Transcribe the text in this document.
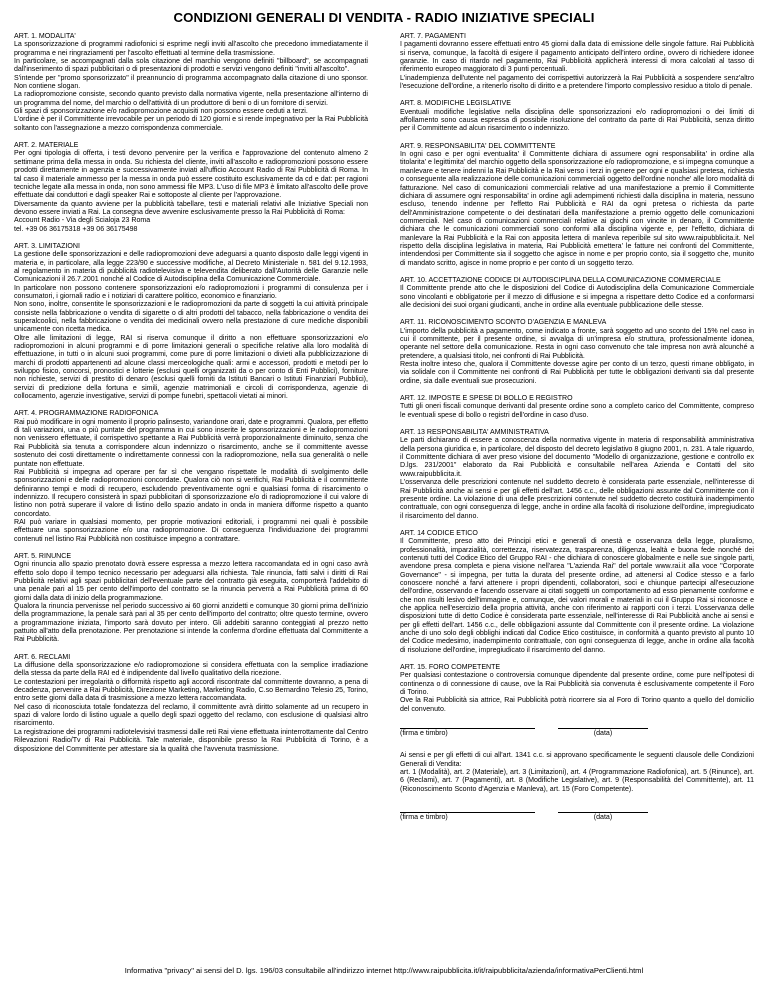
CONDIZIONI GENERALI DI VENDITA - RADIO INIZIATIVE SPECIALI

ART. 1. MODALITA'

La sponsorizzazione di programmi radiofonici si esprime negli inviti all'ascolto che precedono immediatamente il programma e nei ringraziamenti per l'ascolto effettuati al termine della trasmissione.
In particolare, se accompagnati dalla sola citazione del marchio vengono definiti "billboard", se accompagnati dall'inserimento di spazi pubblicitari o di presentazioni di prodotti e servizi vengono definiti "inviti all'ascolto".
S'intende per "promo sponsorizzato" il preannuncio di programma accompagnato dalla citazione di uno sponsor. Non contiene slogan.
La radiopromozione consiste, secondo quanto previsto dalla normativa vigente, nella presentazione all'interno di un programma del nome, del marchio o dell'attività di un produttore di beni o di un fornitore di servizi.
Gli spazi di sponsorizzazione e/o radiopromozione acquisiti non possono essere ceduti a terzi.
L'ordine è per il Committente irrevocabile per un periodo di 120 giorni e si rende impegnativo per la Rai Pubblicità soltanto con l'assegnazione a mezzo corrispondenza commerciale.

ART. 2. MATERIALE

Per ogni tipologia di offerta, i testi devono pervenire per la verifica e l'approvazione del contenuto almeno 2 settimane prima della messa in onda. Su richiesta del cliente, inviti all'ascolto e radiopromozioni possono essere prodotti direttamente in agenzia e successivamente inviati all'ufficio Account Radio di Rai Pubblicità di Roma. In tal caso il materiale ammesso per la messa in onda può essere costituito esclusivamente da cd e dat: per ragioni tecniche legate alla messa in onda, non sono ammessi file MP3. L'uso di file MP3 è limitato all'ascolto delle prove effettuate dai conduttori e dagli speaker Rai e sottoposte al cliente per l'approvazione.
Diversamente da quanto avviene per la pubblicità tabellare, testi e materiali relativi alle Iniziative Speciali non devono essere inviati a Rai. La consegna deve avvenire esclusivamente presso la Rai Pubblicità di Roma:
Account Radio - Via degli Scialoja 23 Roma
tel. +39 06 36175318 +39 06 36175498

ART. 3. LIMITAZIONI

La gestione delle sponsorizzazioni e delle radiopromozioni deve adeguarsi a quanto disposto dalle leggi vigenti in materia e, in particolare, alla legge 223/90 e successive modifiche, al Decreto Ministeriale n. 581 del 9.12.1993, al regolamento in materia di pubblicità radiotelevisiva e televendita deliberato dall'Autorità delle Garanzie nelle Comunicazioni il 26.7.2001 nonché al Codice di Autodisciplina della Comunicazione Commerciale.
In particolare non possono contenere sponsorizzazioni e/o radiopromozioni i programmi di consulenza per i consumatori, i giornali radio e i notiziari di carattere politico, economico e finanziario.
Non sono, inoltre, consentite le sponsorizzazioni e le radiopromozioni da parte di soggetti la cui attività principale consiste nella fabbricazione o vendita di sigarette o di altri prodotti del tabacco, nella fabbricazione o vendita dei superalcoolici, nella fabbricazione o vendita dei medicinali ovvero nella prestazione di cure mediche disponibili unicamente con ricetta medica.
Oltre alle limitazioni di legge, RAI si riserva comunque il diritto a non effettuare sponsorizzazioni e/o radiopromozioni in alcuni programmi e di porre limitazioni generali o specifiche relative alla loro modalità di effettuazione, in tutti o in alcuni suoi programmi, come pure di porre limitazioni o divieti alla pubblicizzazione di marchi di prodotti appartenenti ad alcune classi merceologiche quali: armi e accessori, prodotti e metodi per lo sviluppo fisico, concorsi, pronostici e lotterie (esclusi quelli organizzati da o per conto di Enti Pubblici), forniture non richieste, servizi di prestito di denaro (esclusi quelli forniti da Istituti Bancari o Istituti Finanziari Pubblici), servizi di predizione della fortuna e simili, agenzie matrimoniali e circoli di corrispondenza, agenzie di collocamento, agenzie investigative, servizi di pompe funebri, spettacoli vietati ai minori.

ART. 4. PROGRAMMAZIONE RADIOFONICA

Rai può modificare in ogni momento il proprio palinsesto, variandone orari, date e programmi. Qualora, per effetto di tali variazioni, una o più puntate del programma in cui sono inserite le sponsorizzazioni e le radiopromozioni non venissero effettuate, il corrispettivo spettante a Rai Pubblicità verrà proporzionalmente diminuito, senza che Rai Pubblicità sia tenuta a corrispondere alcun indennizzo o risarcimento, anche se il committente avesse sostenuto dei costi direttamente o indirettamente connessi con la radiopromozione, nella sua generalità o nelle puntate non effettuate.
Rai Pubblicità si impegna ad operare per far sì che vengano rispettate le modalità di svolgimento delle sponsorizzazioni e delle radiopromozioni concordate. Qualora ciò non si verifichi, Rai Pubblicità e il committente definiranno tempi e modi di recupero, escludendo preventivamente ogni e qualsiasi forma di risarcimento o indennizzo. Il recupero consisterà in spazi pubblicitari di sponsorizzazione e/o di radiopromozione il cui valore di listino non potrà superare il valore di listino dello spazio andato in onda in maniera difforme rispetto a quanto concordato.
RAI può variare in qualsiasi momento, per proprie motivazioni editoriali, i programmi nei quali è possibile effettuare una sponsorizzazione e/o una radiopromozione. Di conseguenza l'individuazione dei programmi contenuti nel listino Rai Pubblicità non costituisce impegno a contrattare.

ART. 5. RINUNCE

Ogni rinuncia allo spazio prenotato dovrà essere espressa a mezzo lettera raccomandata ed in ogni caso avrà effetto solo dopo il tempo tecnico necessario per adeguarsi alla richiesta. Tale rinuncia, fatti salvi i diritti di Rai Pubblicità relativi agli spazi pubblicitari dell'eventuale parte del contratto già eseguita, comporterà l'addebito di una penale pari al 15 per cento dell'importo del contratto se la rinuncia perverrà a Rai Pubblicità prima di 60 giorni dalla data di inizio della programmazione.
Qualora la rinuncia pervenisse nel periodo successivo ai 60 giorni anzidetti e comunque 30 giorni prima dell'inizio della programmazione, la penale sarà pari al 35 per cento dell'importo del contratto; oltre questo termine, ovvero a programmazione iniziata, l'importo sarà dovuto per intero. Gli addebiti saranno conteggiati al prezzo netto pattuito all'atto della prenotazione. Per prenotazione si intende la conferma d'ordine effettuata dal Committente a Rai Pubblicità.

ART. 6. RECLAMI

La diffusione della sponsorizzazione e/o radiopromozione si considera effettuata con la semplice irradiazione della stessa da parte della RAI ed è indipendente dal livello qualitativo della ricezione.
Le contestazioni per irregolarità o difformità rispetto agli accordi riscontrate dal committente dovranno, a pena di decadenza, pervenire a Rai Pubblicità, Direzione Marketing, Marketing Radio, C.so Bernardino Telesio 25, Torino, entro sette giorni dalla data di trasmissione a mezzo lettera raccomandata.
Nel caso di riconosciuta totale fondatezza del reclamo, il committente avrà diritto solamente ad un recupero in spazi di valore lordo di listino uguale a quello degli spazi oggetto del reclamo, con esclusione di qualsiasi altro risarcimento.
La registrazione dei programmi radiotelevisivi trasmessi dalle reti Rai viene effettuata ininterrottamente dal Centro Rilevazioni Radio/Tv di Rai Pubblicità. Tale materiale, disponibile presso la Rai Pubblicità di Torino, è a disposizione del Committente per attestare sia la qualità che l'avvenuta trasmissione.

ART. 7. PAGAMENTI

I pagamenti dovranno essere effettuati entro 45 giorni dalla data di emissione delle singole fatture. Rai Pubblicità si riserva, comunque, la facoltà di esigere il pagamento anticipato dell'intero ordine, ovvero di richiedere idonee garanzie. In caso di ritardo nel pagamento, Rai Pubblicità applicherà interessi di mora calcolati al tasso di riferimento europeo maggiorato di 3 punti percentuali.
L'inadempienza dell'utente nel pagamento dei corrispettivi autorizzerà la Rai Pubblicità a sospendere senz'altro l'esecuzione dell'ordine, a ritenerlo risolto di diritto e a pretendere l'importo complessivo residuo a titolo di penale.

ART. 8. MODIFICHE LEGISLATIVE

Eventuali modifiche legislative nella disciplina delle sponsorizzazioni e/o radiopromozioni o dei limiti di affollamento sono causa espressa di possibile risoluzione del contratto da parte di Rai Pubblicità, senza diritto per il Committente ad alcun risarcimento o indennizzo.

ART. 9. RESPONSABILITA' DEL COMMITTENTE

In ogni caso e per ogni eventualita' il Committente dichiara di assumere ogni responsabilita' in ordine alla titolarita' e legittimita' del marchio oggetto della sponsorizzazione e/o radiopromozione, e si impegna comunque a manlevare e tenere indenni la Rai Pubblicità e la Rai verso i terzi in genere per ogni e qualsiasi pretesa, richiesta o conseguente alla realizzazione delle comunicazioni commerciali oggetto dell'ordine nonche' alle loro modalità di fatturazione. Nel caso di comunicazioni commerciali relative ad una manifestazione a premio il Committente dichiara di assumere ogni responsabilita' in ordine agli adempimenti richiesti dalla disciplina in materia, nessuno escluso, tenendo indenne per l'effetto Rai Pubblicità e RAI da ogni pretesa o richiesta da parte dell'Amministrazione competente o dei destinatari della manifestazione a premio oggetto delle comunicazioni commerciali. Nel caso di comunicazioni commerciali relative ai giochi con vincite in denaro, il Committente dichiara che le comunicazioni commerciali sono conformi alla disciplina vigente e, per l'effetto, dichiara di manlevare la Rai Pubblicità e la Rai con apposita lettera di manleva reperibile sul sito www.raipubblicita.it. Nel rispetto della disciplina legislativa in materia, Rai Pubblicità emettera' le fatture nei confronti del Committente, intendendosi per Committente sia il soggetto che agisce in nome e per proprio conto, sia il soggetto che, munito di mandato scritto, agisce in nome proprio e per conto di un soggetto terzo.

ART. 10. ACCETTAZIONE CODICE DI AUTODISCIPLINA DELLA COMUNICAZIONE COMMERCIALE

Il Committente prende atto che le disposizioni del Codice di Autodisciplina della Comunicazione Commerciale sono vincolanti e obbligatorie per il mezzo di diffusione e si impegna a rispettare detto Codice ed a conformarsi alle decisioni dei suoi organi giudicanti, anche in ordine alla eventuale pubblicazione delle stesse.

ART. 11. RICONOSCIMENTO SCONTO D'AGENZIA E MANLEVA

L'importo della pubblicità a pagamento, come indicato a fronte, sarà soggetto ad uno sconto del 15% nel caso in cui il committente, per il presente ordine, si avvalga di un'impresa e/o struttura, professionalmente idonea, operante nel settore della comunicazione. Resta in ogni caso convenuto che tale impresa non avrà alcunché a pretendere, a qualsiasi titolo, nei confronti di Rai Pubblicità.
Resta inoltre inteso che, qualora il Committente dovesse agire per conto di un terzo, questi rimane obbligato, in via solidale con il Committente nei confronti di Rai Pubblicità per tutte le obbligazioni derivanti sia dal presente ordine, sia dalle eventuali sue prosecuzioni.

ART. 12. IMPOSTE E SPESE DI BOLLO E REGISTRO

Tutti gli oneri fiscali comunque derivanti dal presente ordine sono a completo carico del Committente, compreso le eventuali spese di bollo o registri dell'ordine in caso d'uso.

ART. 13 RESPONSABILITA' AMMINISTRATIVA

Le parti dichiarano di essere a conoscenza della normativa vigente in materia di responsabilità amministrativa della persona giuridica e, in particolare, del disposto del decreto legislativo 8 giugno 2001, n. 231. A tale riguardo, il Committente dichiara di aver preso visione del documento "Modello di organizzazione, gestione e controllo ex D.lgs. 231/2001" elaborato da Rai Pubblicità e consultabile nell'area Azienda e Contatti del sito www.raipubblicita.it.
L'osservanza delle prescrizioni contenute nel suddetto decreto è considerata parte essenziale, nell'interesse di Rai Pubblicità anche ai sensi e per gli effetti dell'art. 1456 c.c., delle obbligazioni assunte dal Committente con il presente ordine. La violazione di una delle prescrizioni contenute nel suddetto decreto costituirà inadempimento contrattuale, con ogni conseguenza di legge, anche in ordine alla facoltà di risoluzione dell'ordine, impregiudicato il risarcimento del danno.

ART. 14 CODICE ETICO

Il Committente, preso atto dei Principi etici e generali di onestà e osservanza della legge, pluralismo, professionalità, imparzialità, correttezza, riservatezza, trasparenza, diligenza, lealtà e buona fede nonché dei contenuti tutti del Codice Etico del Gruppo RAI - che dichiara di conoscere globalmente e nelle sue singole parti, avendone presa completa e piena visione nell'area "L'azienda Rai" del portale www.rai.it alla voce "Corporate Governance" - si impegna, per tutta la durata del presente ordine, ad attenersi al Codice stesso e a farlo conoscere nonché a farvi attenere i propri dipendenti, collaboratori, soci e chiunque partecipi all'esecuzione dell'ordine, osservando e facendo osservare ai citati soggetti un comportamento ad esso pienamente conforme e che non risulti lesivo dell'immagine e, comunque, dei valori morali e materiali in cui il Gruppo Rai si riconosce e che applica nell'esercizio della propria attività, anche con riferimento ai rapporti con i terzi. L'osservanza delle disposizioni tutte di detto Codice è considerata parte essenziale, nell'interesse di Rai Pubblicità anche ai sensi e per gli effetti dell'art. 1456 c.c., delle obbligazioni assunte dal Committente con il presente ordine. La violazione anche di uno solo degli obblighi indicati dal Codice Etico costituisce, in conformità a quanto previsto al punto 10 del Codice medesimo, inadempimento contrattuale, con ogni conseguenza di legge, anche in ordine alla facoltà di risoluzione dell'ordine, impregiudicato il risarcimento del danno.

ART. 15. FORO COMPETENTE

Per qualsiasi contestazione o controversia comunque dipendente dal presente ordine, come pure nell'ipotesi di continenza o di connessione di cause, ove la Rai Pubblicità sia convenuta è esclusivamente competente il Foro di Torino.
Ove la Rai Pubblicità sia attrice, Rai Pubblicità potrà ricorrere sia al Foro di Torino quanto a quello del domicilio del convenuto.

(firma e timbro)	(data)

Ai sensi e per gli effetti di cui all'art. 1341 c.c. si approvano specificamente le seguenti clausole delle Condizioni Generali di Vendita:
art. 1 (Modalità), art. 2 (Materiale), art. 3 (Limitazioni), art. 4 (Programmazione Radiofonica), art. 5 (Rinunce), art. 6 (Reclami), art. 7 (Pagamenti), art. 8 (Modifiche Legislative), art. 9 (Responsabilità del Committente), art. 11 (Riconoscimento Sconto d'Agenzia e Manleva), art. 15 (Foro Competente).

(firma e timbro)	(data)
Informativa "privacy" ai sensi del D. lgs. 196/03 consultabile all'indirizzo internet http://www.raipubblicita.it/it/raipubblicita/azienda/informativaPerClienti.html
